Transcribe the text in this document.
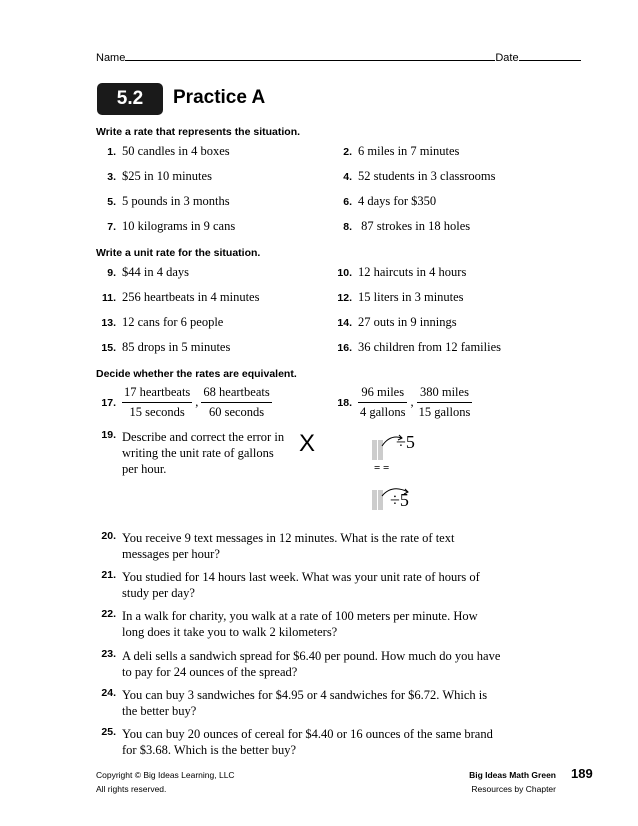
Name	Date
5.2	Practice A
Write a rate that represents the situation.
1. 50 candles in 4 boxes	2. 6 miles in 7 minutes
3. $25 in 10 minutes	4. 52 students in 3 classrooms
5. 5 pounds in 3 months	6. 4 days for $350
7. 10 kilograms in 9 cans	8. 87 strokes in 18 holes
Write a unit rate for the situation.
9. $44 in 4 days	10. 12 haircuts in 4 hours
11. 256 heartbeats in 4 minutes	12. 15 liters in 3 minutes
13. 12 cans for 6 people	14. 27 outs in 9 innings
15. 85 drops in 5 minutes	16. 36 children from 12 families
Decide whether the rates are equivalent.
17. $\frac{\text{17 heartbeats}}{\text{15 seconds}}$ , $\frac{\text{68 heartbeats}}{\text{60 seconds}}$	18. $\frac{\text{96 miles}}{\text{4 gallons}}$ , $\frac{\text{380 miles}}{\text{15 gallons}}$
19. Describe and correct the error in writing the unit rate of gallons per hour.
X	÷5
= =
÷5
20. You receive 9 text messages in 12 minutes. What is the rate of text messages per hour?
21. You studied for 14 hours last week. What was your unit rate of hours of study per day?
22. In a walk for charity, you walk at a rate of 100 meters per minute. How long does it take you to walk 2 kilometers?
23. A deli sells a sandwich spread for $6.40 per pound. How much do you have to pay for 24 ounces of the spread?
24. You can buy 3 sandwiches for $4.95 or 4 sandwiches for $6.72. Which is the better buy?
25. You can buy 20 ounces of cereal for $4.40 or 16 ounces of the same brand for $3.68. Which is the better buy?
Copyright © Big Ideas Learning, LLC
All rights reserved.
Big Ideas Math Green
Resources by Chapter
189
